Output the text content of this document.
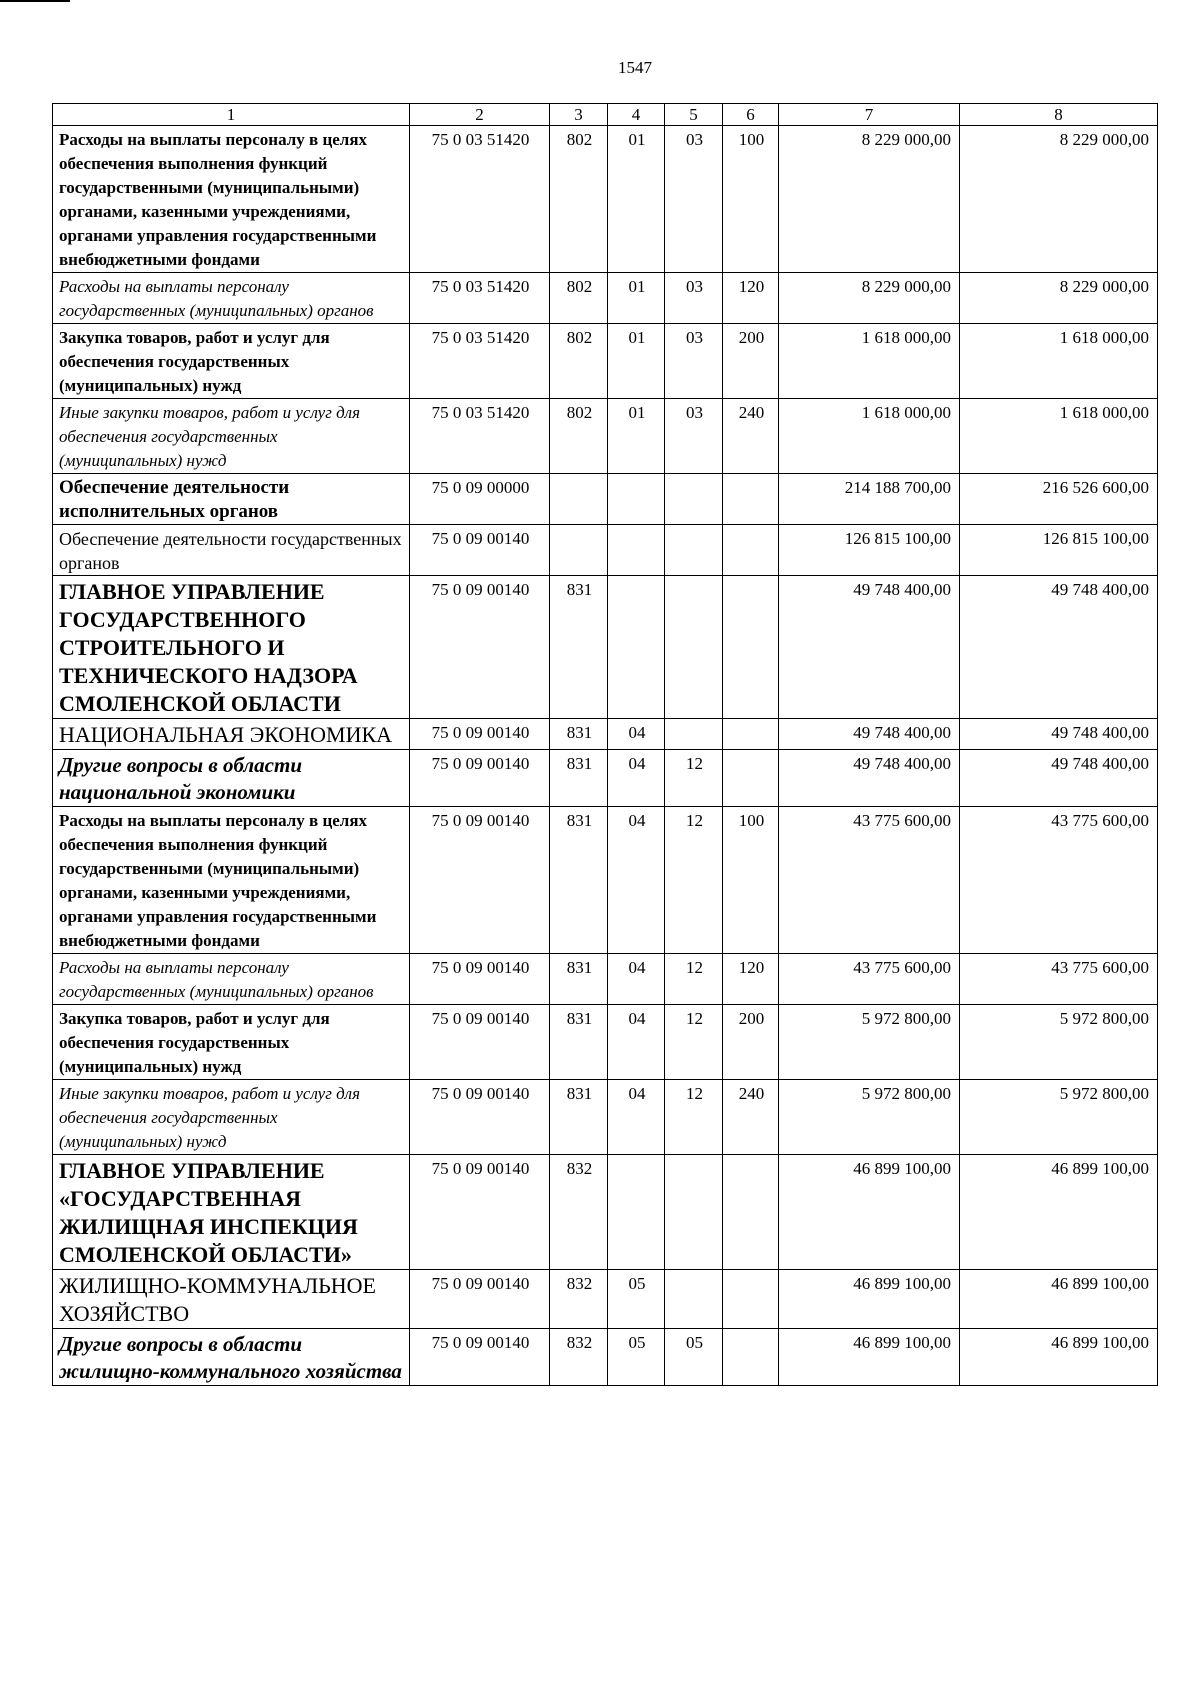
1547
1	2	3	4	5	6	7	8
Расходы на выплаты персоналу в целях обеспечения выполнения функций государственными (муниципальными) органами, казенными учреждениями, органами управления государственными внебюджетными фондами	75 0 03 51420	802	01	03	100	8 229 000,00	8 229 000,00
Расходы на выплаты персоналу государственных (муниципальных) органов	75 0 03 51420	802	01	03	120	8 229 000,00	8 229 000,00
Закупка товаров, работ и услуг для обеспечения государственных (муниципальных) нужд	75 0 03 51420	802	01	03	200	1 618 000,00	1 618 000,00
Иные закупки товаров, работ и услуг для обеспечения государственных (муниципальных) нужд	75 0 03 51420	802	01	03	240	1 618 000,00	1 618 000,00
Обеспечение деятельности исполнительных органов	75 0 09 00000					214 188 700,00	216 526 600,00
Обеспечение деятельности государственных органов	75 0 09 00140					126 815 100,00	126 815 100,00
ГЛАВНОЕ УПРАВЛЕНИЕ ГОСУДАРСТВЕННОГО СТРОИТЕЛЬНОГО И ТЕХНИЧЕСКОГО НАДЗОРА СМОЛЕНСКОЙ ОБЛАСТИ	75 0 09 00140	831				49 748 400,00	49 748 400,00
НАЦИОНАЛЬНАЯ ЭКОНОМИКА	75 0 09 00140	831	04			49 748 400,00	49 748 400,00
Другие вопросы в области национальной экономики	75 0 09 00140	831	04	12		49 748 400,00	49 748 400,00
Расходы на выплаты персоналу в целях обеспечения выполнения функций государственными (муниципальными) органами, казенными учреждениями, органами управления государственными внебюджетными фондами	75 0 09 00140	831	04	12	100	43 775 600,00	43 775 600,00
Расходы на выплаты персоналу государственных (муниципальных) органов	75 0 09 00140	831	04	12	120	43 775 600,00	43 775 600,00
Закупка товаров, работ и услуг для обеспечения государственных (муниципальных) нужд	75 0 09 00140	831	04	12	200	5 972 800,00	5 972 800,00
Иные закупки товаров, работ и услуг для обеспечения государственных (муниципальных) нужд	75 0 09 00140	831	04	12	240	5 972 800,00	5 972 800,00
ГЛАВНОЕ УПРАВЛЕНИЕ «ГОСУДАРСТВЕННАЯ ЖИЛИЩНАЯ ИНСПЕКЦИЯ СМОЛЕНСКОЙ ОБЛАСТИ»	75 0 09 00140	832				46 899 100,00	46 899 100,00
ЖИЛИЩНО-КОММУНАЛЬНОЕ ХОЗЯЙСТВО	75 0 09 00140	832	05			46 899 100,00	46 899 100,00
Другие вопросы в области жилищно-коммунального хозяйства	75 0 09 00140	832	05	05		46 899 100,00	46 899 100,00
